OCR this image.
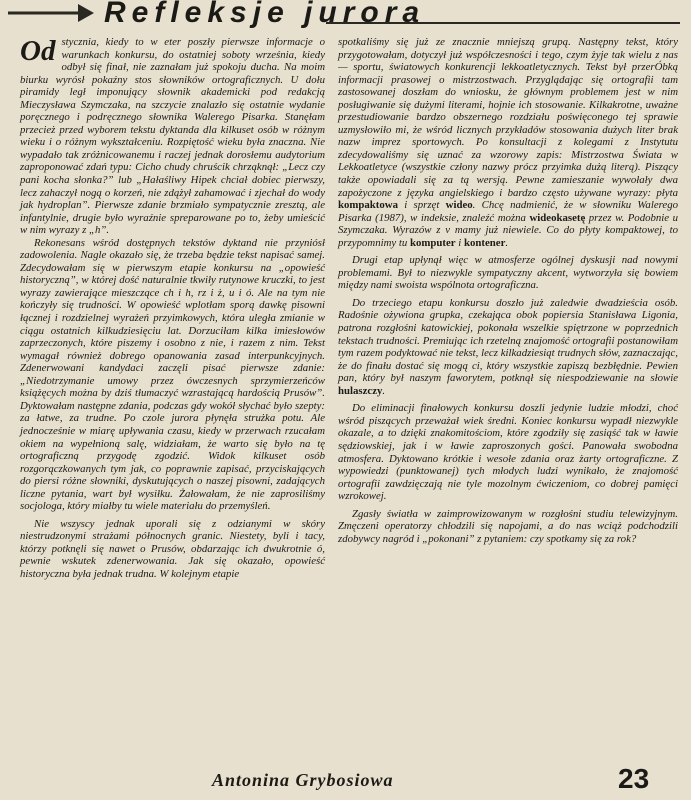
Refleksje jurora

Od stycznia, kiedy to w eter poszły pierwsze informacje o warunkach konkursu, do ostatniej soboty września, kiedy odbył się finał, nie zaznałam już spokoju ducha. Na moim biurku wyrósł pokaźny stos słowników ortograficznych. U dołu piramidy legł imponujący słownik akademicki pod redakcją Mieczysława Szymczaka, na szczycie znalazło się ostatnie wydanie poręcznego i podręcznego słownika Walerego Pisarka. Stanęłam przecież przed wyborem tekstu dyktanda dla kilkuset osób w różnym wieku i o różnym wykształceniu. Rozpiętość wieku była znaczna. Nie wypadało tak zróżnicowanemu i raczej jednak dorosłemu audytorium zaproponować zdań typu: Cicho chudy chruścik chrząknął: „Lecz czy pani kocha słonka?” lub „Hałaśliwy Hipek chciał dobiec pierwszy, lecz zahaczył nogą o korzeń, nie zdążył zahamować i zjechał do wody jak hydroplan”. Pierwsze zdanie brzmiało sympatycznie zresztą, ale infantylnie, drugie było wyraźnie spreparowane po to, żeby umieścić w nim wyrazy z „h”.

Rekonesans wśród dostępnych tekstów dyktand nie przyniósł zadowolenia. Nagle okazało się, że trzeba będzie tekst napisać samej. Zdecydowałam się w pierwszym etapie konkursu na „opowieść historyczną”, w której dość naturalnie tkwiły rutynowe kruczki, to jest wyrazy zawierające mieszczące ch i h, rz i ż, u i ó. Ale na tym nie kończyły się trudności. W opowieść wplotłam sporą dawkę pisowni łącznej i rozdzielnej wyrażeń przyimkowych, która uległa zmianie w ciągu ostatnich kilkudziesięciu lat. Dorzuciłam kilka imiesłowów zaprzeczonych, które piszemy i osobno z nie, i razem z nim. Tekst wymagał również dobrego opanowania zasad interpunkcyjnych. Zdenerwowani kandydaci zaczęli pisać pierwsze zdanie: „Niedotrzymanie umowy przez ówczesnych sprzymierzeńców książęcych można by dziś tłumaczyć wzrastającą hardością Prusów”. Dyktowałam następne zdania, podczas gdy wokół słychać było szepty: za łatwe, za trudne. Po czole jurora płynęła strużka potu. Ale jednocześnie w miarę upływania czasu, kiedy w przerwach rzucałam okiem na wypełnioną salę, widziałam, że warto się było na tę ortograficzną przygodę zgodzić. Widok kilkuset osób rozgorączkowanych tym jak, co poprawnie zapisać, przyciskających do piersi różne słowniki, dyskutujących o naszej pisowni, zadających liczne pytania, wart był wysiłku. Żałowałam, że nie zaprosiliśmy socjologa, który miałby tu wiele materiału do przemyśleń.

Nie wszyscy jednak uporali się z odzianymi w skóry niestrudzonymi strażami północnych granic. Niestety, byli i tacy, którzy potknęli się nawet o Prusów, obdarzając ich dwukrotnie ó, pewnie wskutek zdenerwowania. Jak się okazało, opowieść historyczna była jednak trudna. W kolejnym etapie

spotkaliśmy się już ze znacznie mniejszą grupą. Następny tekst, który przygotowałam, dotyczył już współczesności i tego, czym żyje tak wielu z nas — sportu, światowych konkurencji lekkoatletycznych. Tekst był przerÓbką informacji prasowej o mistrzostwach. Przyglądając się ortografii tam zastosowanej doszłam do wniosku, że głównym problemem jest w nim posługiwanie się dużymi literami, hojnie ich stosowanie. Kilkakrotne, uważne przestudiowanie bardzo obszernego rozdziału poświęconego tej sprawie uzmysłowiło mi, że wśród licznych przykładów stosowania dużych liter brak nazw imprez sportowych. Po konsultacji z kolegami z Instytutu zdecydowaliśmy się uznać za wzorowy zapis: Mistrzostwa Świata w Lekkoatletyce (wszystkie człony nazwy prócz przyimka dużą literą). Piszący także opowiadali się za tą wersją. Pewne zamieszanie wywołały dwa zapożyczone z języka angielskiego i bardzo często używane wyrazy: płyta kompaktowa i sprzęt wideo. Chcę nadmienić, że w słowniku Walerego Pisarka (1987), w indeksie, znaleźć można wideokasetę przez w. Podobnie u Szymczaka. Wyrazów z v mamy już niewiele. Co do płyty kompaktowej, to przypomnimy tu komputer i kontener.

Drugi etap upłynął więc w atmosferze ogólnej dyskusji nad nowymi problemami. Był to niezwykle sympatyczny akcent, wytworzyła się bowiem między nami swoista wspólnota ortograficzna.

Do trzeciego etapu konkursu doszło już zaledwie dwadzieścia osób. Radośnie ożywiona grupka, czekająca obok popiersia Stanisława Ligonia, patrona rozgłośni katowickiej, pokonała wszelkie spiętrzone w poprzednich tekstach trudności. Premiując ich rzetelną znajomość ortografii postanowiłam tym razem podyktować nie tekst, lecz kilkadziesiąt trudnych słów, zaznaczając, że do finału dostać się mogą ci, który wszystkie zapiszą bezbłędnie. Pewien pan, który był naszym faworytem, potknął się niespodziewanie na słowie hulaszczy.

Do eliminacji finałowych konkursu doszli jedynie ludzie młodzi, choć wśród piszących przeważał wiek średni. Koniec konkursu wypadł niezwykle okazale, a to dzięki znakomitościom, które zgodziły się zasiąść tak w ławie sędziowskiej, jak i w ławie zaproszonych gości. Panowała swobodna atmosfera. Dyktowano krótkie i wesołe zdania oraz żarty ortograficzne. Z wypowiedzi (punktowanej) tych młodych ludzi wynikało, że znajomość ortografii zawdzięczają nie tyle mozolnym ćwiczeniom, co dobrej pamięci wzrokowej.

Zgasły światła w zaimprowizowanym w rozgłośni studiu telewizyjnym. Zmęczeni operatorzy chłodzili się napojami, a do nas wciąż podchodzili zdobywcy nagród i „pokonani” z pytaniem: czy spotkamy się za rok?

Antonina Grybosiowa	23
